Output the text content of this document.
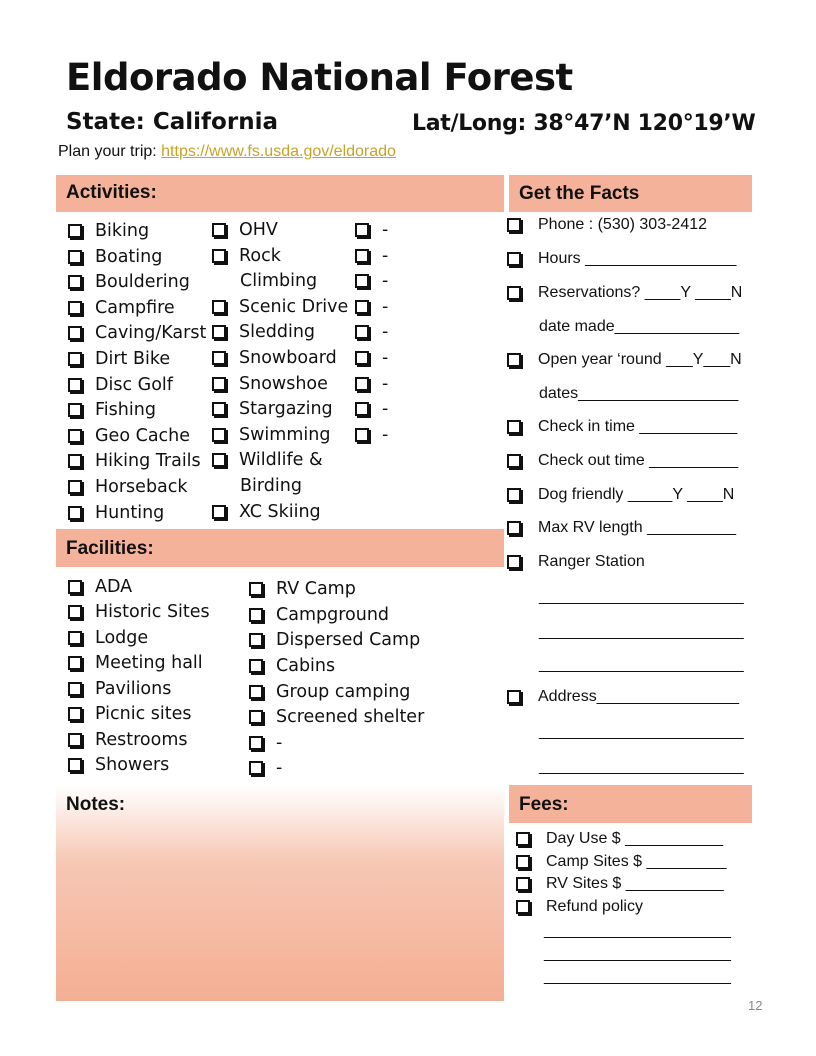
Eldorado National Forest
State: California	Lat/Long: 38°47’N 120°19’W
Plan your trip: https://www.fs.usda.gov/eldorado
Activities:
Biking
Boating
Bouldering
Campfire
Caving/Karst
Dirt Bike
Disc Golf
Fishing
Geo Cache
Hiking Trails
Horseback
Hunting
OHV
Rock
Climbing
Scenic Drive
Sledding
Snowboard
Snowshoe
Stargazing
Swimming
Wildlife &
Birding
XC Skiing
-
-
-
-
-
-
-
-
-
Facilities:
ADA
Historic Sites
Lodge
Meeting hall
Pavilions
Picnic sites
Restrooms
Showers
RV Camp
Campground
Dispersed Camp
Cabins
Group camping
Screened shelter
-
-
Get the Facts
Phone : (530) 303-2412
Hours _________________
Reservations? ____Y ____N
date made______________
Open year ‘round ___Y___N
dates__________________
Check in time ___________
Check out time __________
Dog friendly _____Y ____N
Max RV length __________
Ranger Station
_______________________
_______________________
_______________________
Address________________
_______________________
_______________________
Notes:	Fees:
Day Use $ ___________
Camp Sites $ _________
RV Sites $ ___________
Refund policy
_____________________
_____________________
_____________________
12
